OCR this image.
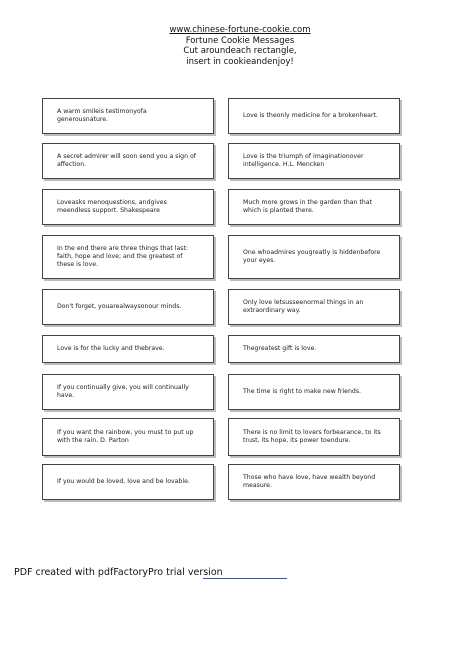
www.chinese-fortune-cookie.com
Fortune Cookie Messages
Cut aroundeach rectangle,
insert in cookieandenjoy!
A warm smileis testimonyofa generousnature.
Love is theonly medicine for a brokenheart.
A secret admirer will soon send you a sign of affection.
Love is the triumph of imaginationover intelligence. H.L. Mencken
Loveasks menoquestions, andgives meendless support. Shakespeare
Much more grows in the garden than that which is planted there.
In the end there are three things that last: faith, hope and love; and the greatest of these is love.
One whoadmires yougreatly is hiddenbefore your eyes.
Don't forget, youarealwaysonour minds.
Only love letsusseenormal things in an extraordinary way.
Love is for the lucky and thebrave.	Thegreatest gift is love.
If you continually give, you will continually have.
The time is right to make new friends.
If you want the rainbow, you must to put up with the rain. D. Parton
There is no limit to lovers forbearance, to its trust, its hope, its power toendure.
If you would be loved, love and be lovable.
Those who have love, have wealth beyond measure.
PDF created with pdfFactoryPro trial version
